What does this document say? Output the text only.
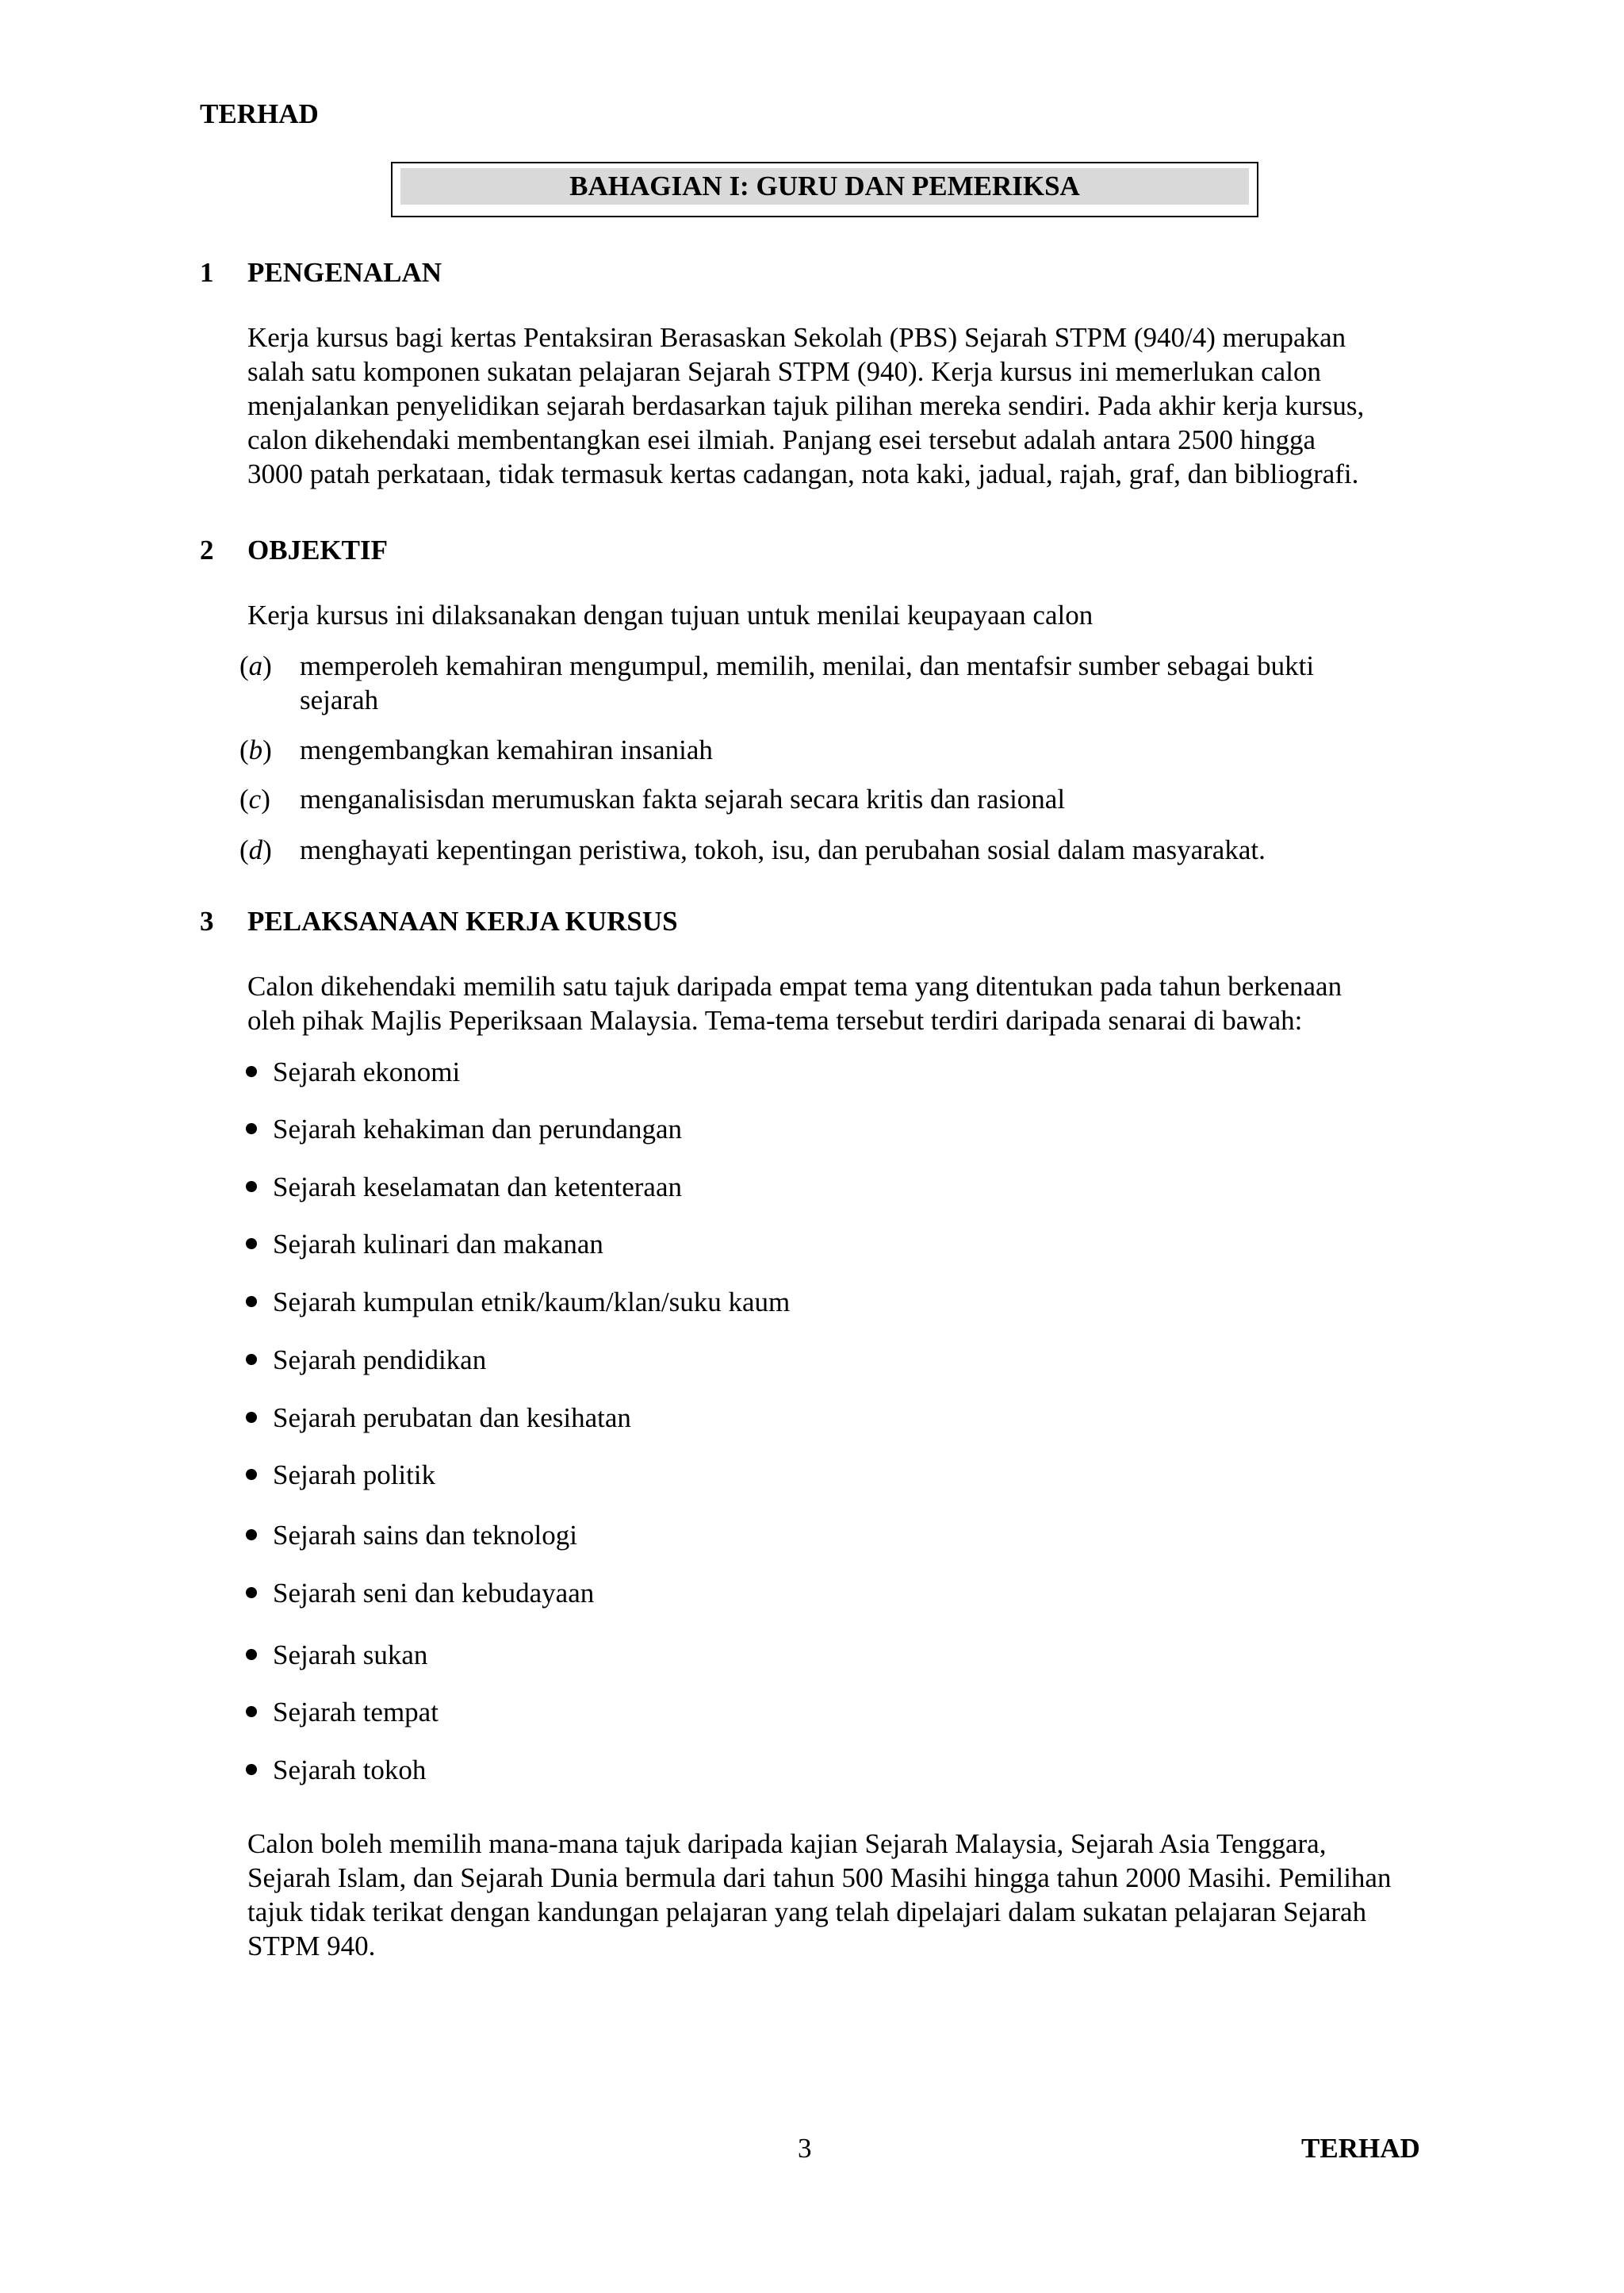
TERHAD
BAHAGIAN I: GURU DAN PEMERIKSA
1 PENGENALAN

Kerja kursus bagi kertas Pentaksiran Berasaskan Sekolah (PBS) Sejarah STPM (940/4) merupakan

salah satu komponen sukatan pelajaran Sejarah STPM (940). Kerja kursus ini memerlukan calon

menjalankan penyelidikan sejarah berdasarkan tajuk pilihan mereka sendiri. Pada akhir kerja kursus,

calon dikehendaki membentangkan esei ilmiah. Panjang esei tersebut adalah antara 2500 hingga

3000 patah perkataan, tidak termasuk kertas cadangan, nota kaki, jadual, rajah, graf, dan bibliografi.

2 OBJEKTIF
Kerja kursus ini dilaksanakan dengan tujuan untuk menilai keupayaan calon
(a) memperoleh kemahiran mengumpul, memilih, menilai, dan mentafsir sumber sebagai bukti
sejarah
(b) mengembangkan kemahiran insaniah
(c) menganalisisdan merumuskan fakta sejarah secara kritis dan rasional
(d) menghayati kepentingan peristiwa, tokoh, isu, dan perubahan sosial dalam masyarakat.
3 PELAKSANAAN KERJA KURSUS

Calon dikehendaki memilih satu tajuk daripada empat tema yang ditentukan pada tahun berkenaan

oleh pihak Majlis Peperiksaan Malaysia. Tema-tema tersebut terdiri daripada senarai di bawah:

Sejarah ekonomi
Sejarah kehakiman dan perundangan
Sejarah keselamatan dan ketenteraan
Sejarah kulinari dan makanan
Sejarah kumpulan etnik/kaum/klan/suku kaum
Sejarah pendidikan
Sejarah perubatan dan kesihatan
Sejarah politik
Sejarah sains dan teknologi
Sejarah seni dan kebudayaan
Sejarah sukan
Sejarah tempat
Sejarah tokoh

Calon boleh memilih mana-mana tajuk daripada kajian Sejarah Malaysia, Sejarah Asia Tenggara,

Sejarah Islam, dan Sejarah Dunia bermula dari tahun 500 Masihi hingga tahun 2000 Masihi. Pemilihan

tajuk tidak terikat dengan kandungan pelajaran yang telah dipelajari dalam sukatan pelajaran Sejarah

STPM 940.

3	TERHAD
